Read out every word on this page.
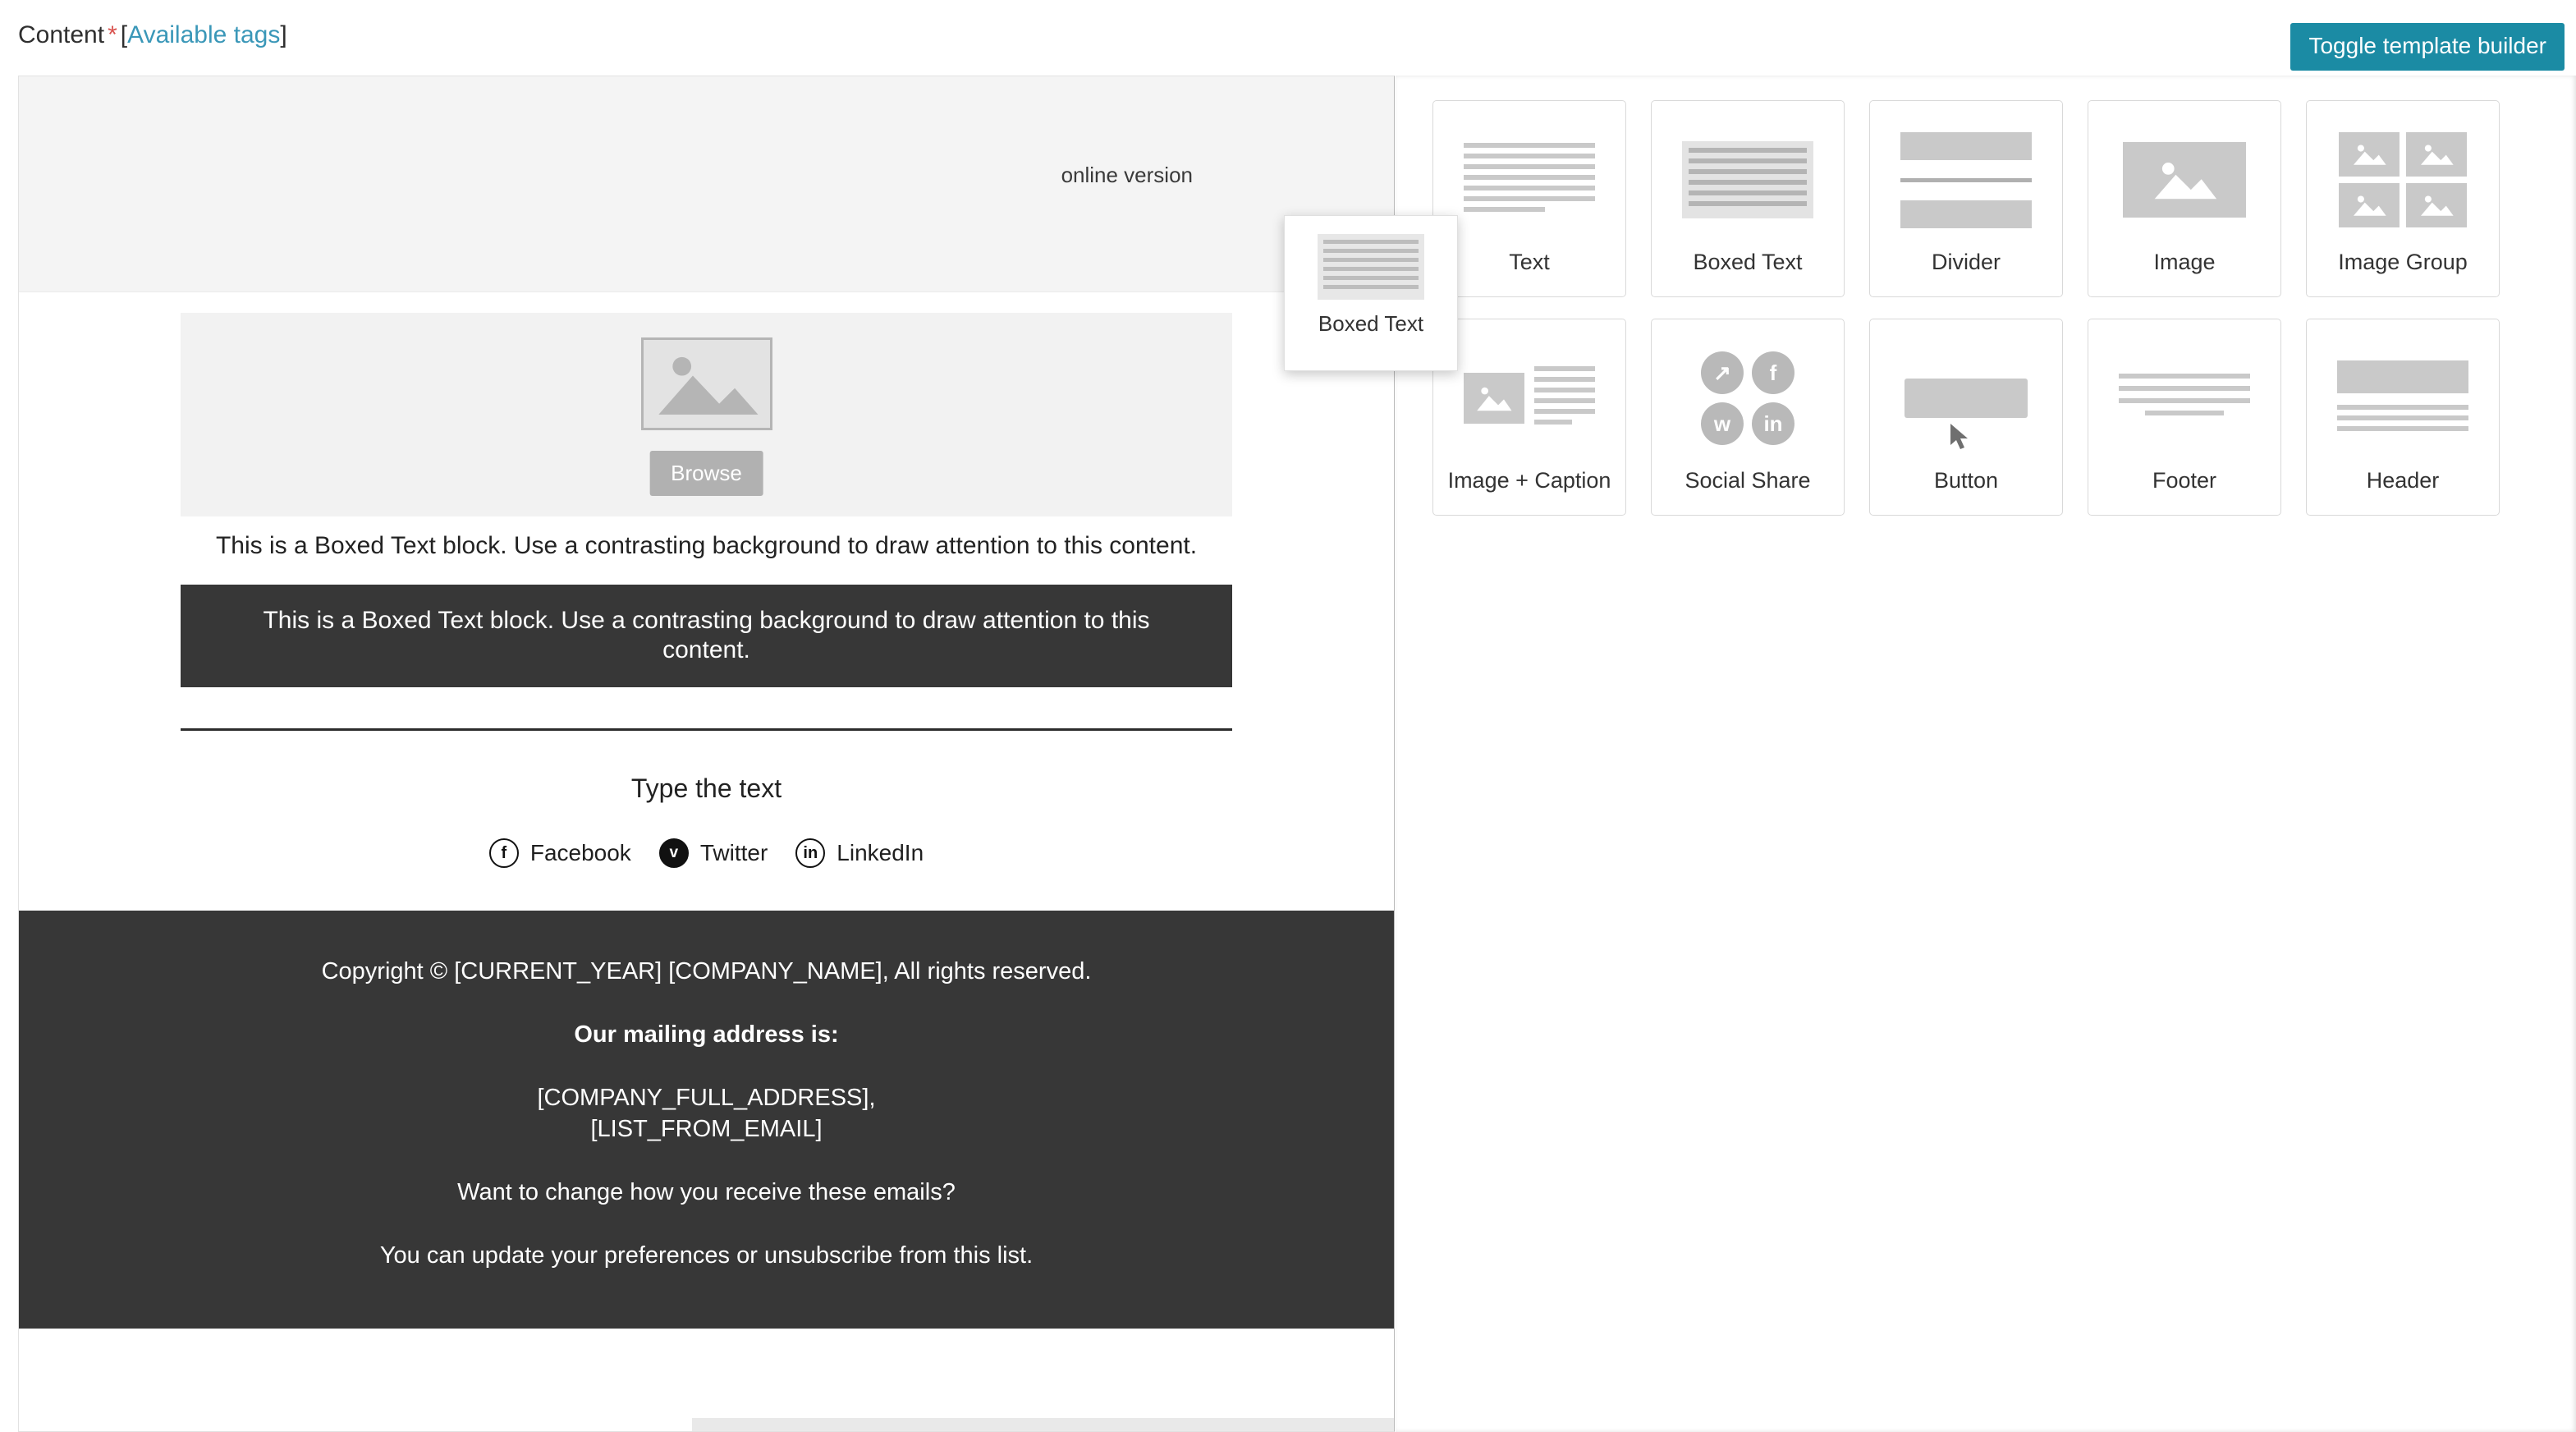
Content * [Available tags]	Toggle template builder
online version
Browse
This is a Boxed Text block. Use a contrasting background to draw attention to this content.
This is a Boxed Text block. Use a contrasting background to draw attention to this content.
Type the text
f	Facebook	ᴠ Twitter	in LinkedIn

Copyright © [CURRENT_YEAR] [COMPANY_NAME], All rights reserved.

Our mailing address is:

[COMPANY_FULL_ADDRESS],
[LIST_FROM_EMAIL]

Want to change how you receive these emails?

You can update your preferences or unsubscribe from this list.

Text	Boxed Text	Divider	Image	Image Group
Image + Caption
↗	f
w	in
Social Share	Button	Footer	Header
Boxed Text
